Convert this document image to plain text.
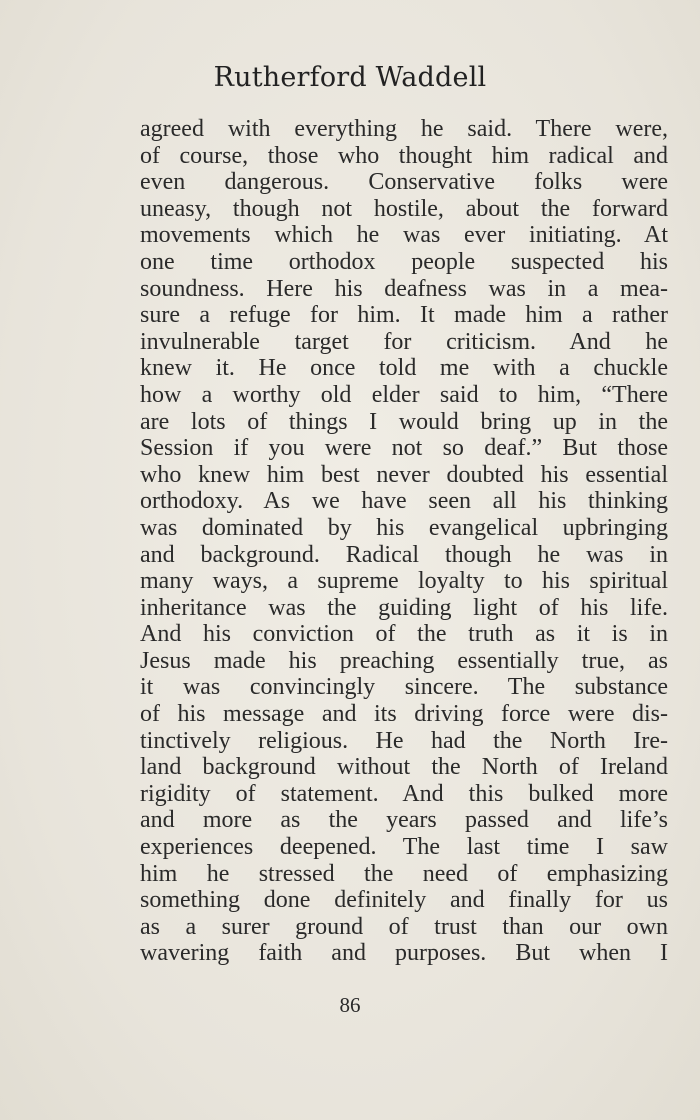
Rutherford Waddell
agreed with everything he said. There were,
of course, those who thought him radical and
even dangerous. Conservative folks were
uneasy, though not hostile, about the forward
movements which he was ever initiating. At
one time orthodox people suspected his
soundness. Here his deafness was in a mea-
sure a refuge for him. It made him a rather
invulnerable target for criticism. And he
knew it. He once told me with a chuckle
how a worthy old elder said to him, “There
are lots of things I would bring up in the
Session if you were not so deaf.” But those
who knew him best never doubted his essential
orthodoxy. As we have seen all his thinking
was dominated by his evangelical upbringing
and background. Radical though he was in
many ways, a supreme loyalty to his spiritual
inheritance was the guiding light of his life.
And his conviction of the truth as it is in
Jesus made his preaching essentially true, as
it was convincingly sincere. The substance
of his message and its driving force were dis-
tinctively religious. He had the North Ire-
land background without the North of Ireland
rigidity of statement. And this bulked more
and more as the years passed and life’s
experiences deepened. The last time I saw
him he stressed the need of emphasizing
something done definitely and finally for us
as a surer ground of trust than our own
wavering faith and purposes. But when I

86
